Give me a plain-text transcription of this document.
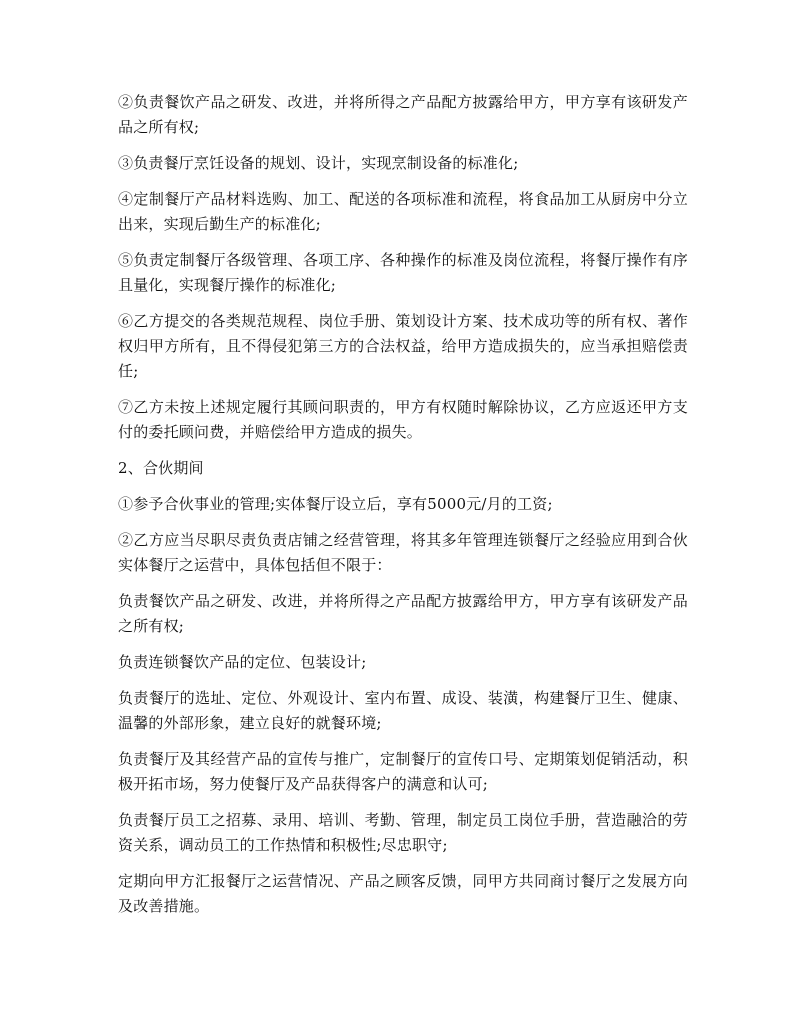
②负责餐饮产品之研发、改进，并将所得之产品配方披露给甲方，甲方享有该研发产品之所有权;

③负责餐厅烹饪设备的规划、设计，实现烹制设备的标准化;

④定制餐厅产品材料选购、加工、配送的各项标准和流程，将食品加工从厨房中分立出来，实现后勤生产的标准化;

⑤负责定制餐厅各级管理、各项工序、各种操作的标准及岗位流程，将餐厅操作有序且量化，实现餐厅操作的标准化;

⑥乙方提交的各类规范规程、岗位手册、策划设计方案、技术成功等的所有权、著作权归甲方所有，且不得侵犯第三方的合法权益，给甲方造成损失的，应当承担赔偿责任;

⑦乙方未按上述规定履行其顾问职责的，甲方有权随时解除协议，乙方应返还甲方支付的委托顾问费，并赔偿给甲方造成的损失。

2、合伙期间

①参予合伙事业的管理;实体餐厅设立后，享有5000元/月的工资;

②乙方应当尽职尽责负责店铺之经营管理，将其多年管理连锁餐厅之经验应用到合伙实体餐厅之运营中，具体包括但不限于：

负责餐饮产品之研发、改进，并将所得之产品配方披露给甲方，甲方享有该研发产品之所有权;

负责连锁餐饮产品的定位、包装设计;

负责餐厅的选址、定位、外观设计、室内布置、成设、装潢，构建餐厅卫生、健康、温馨的外部形象，建立良好的就餐环境;

负责餐厅及其经营产品的宣传与推广，定制餐厅的宣传口号、定期策划促销活动，积极开拓市场，努力使餐厅及产品获得客户的满意和认可;

负责餐厅员工之招募、录用、培训、考勤、管理，制定员工岗位手册，营造融洽的劳资关系，调动员工的工作热情和积极性;尽忠职守;

定期向甲方汇报餐厅之运营情况、产品之顾客反馈，同甲方共同商讨餐厅之发展方向及改善措施。
